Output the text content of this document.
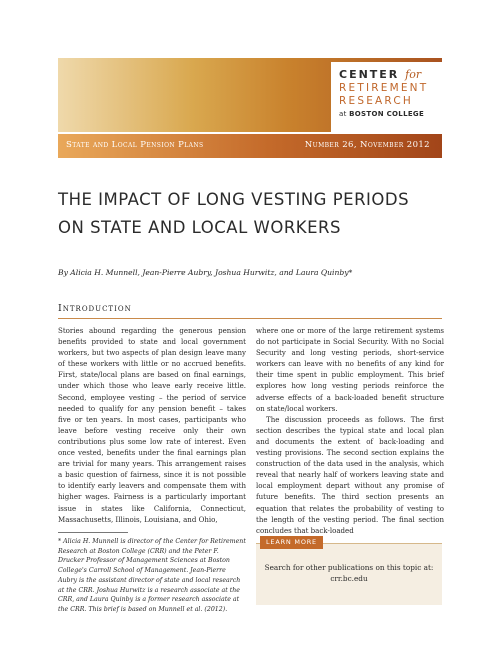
CENTER for
RETIREMENT
RESEARCH
at BOSTON COLLEGE
State and Local Pension Plans	Number 26, November 2012
THE IMPACT OF LONG VESTING PERIODS
ON STATE AND LOCAL WORKERS
By Alicia H. Munnell, Jean-Pierre Aubry, Joshua Hurwitz, and Laura Quinby*
Introduction

Stories abound regarding the generous pension benefits provided to state and local government workers, but two aspects of plan design leave many of these workers with little or no accrued benefits. First, state/local plans are based on final earnings, under which those who leave early receive little. Second, employee vesting – the period of service needed to qualify for any pension benefit – takes five or ten years. In most cases, participants who leave before vesting receive only their own contributions plus some low rate of interest. Even once vested, benefits under the final earnings plan are trivial for many years. This arrangement raises a basic question of fairness, since it is not possible to identify early leavers and compensate them with higher wages. Fairness is a particularly important issue in states like California, Connecticut, Massachusetts, Illinois, Louisiana, and Ohio,

where one or more of the large retirement systems do not participate in Social Security. With no Social Security and long vesting periods, short-service workers can leave with no benefits of any kind for their time spent in public employment. This brief explores how long vesting periods reinforce the adverse effects of a back-loaded benefit structure on state/local workers.

The discussion proceeds as follows. The first section describes the typical state and local plan and documents the extent of back-loading and vesting provisions. The second section explains the construction of the data used in the analysis, which reveal that nearly half of workers leaving state and local employment depart without any promise of future benefits. The third section presents an equation that relates the probability of vesting to the length of the vesting period. The final section concludes that back-loaded

* Alicia H. Munnell is director of the Center for Retirement Research at Boston College (CRR) and the Peter F. Drucker Professor of Management Sciences at Boston College's Carroll School of Management. Jean-Pierre Aubry is the assistant director of state and local research at the CRR. Joshua Hurwitz is a research associate at the CRR, and Laura Quinby is a former research associate at the CRR. This brief is based on Munnell et al. (2012).
LEARN MORE
Search for other publications on this topic at:
crr.bc.edu
